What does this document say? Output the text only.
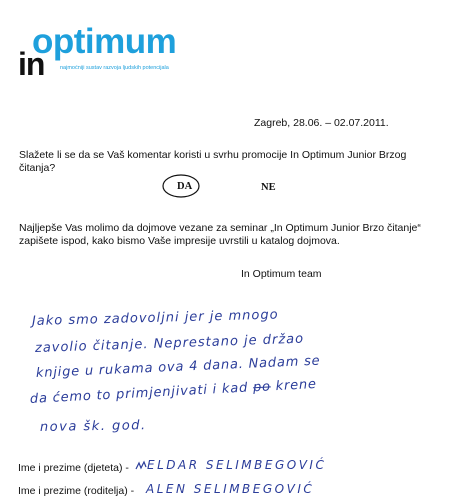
optimum
in	najmoćniji sustav razvoja ljudskih potencijala
Zagreb, 28.06. – 02.07.2011.
Slažete li se da se Vaš komentar koristi u svrhu promocije In Optimum Junior Brzog čitanja?
DA	NE
Najljepše Vas molimo da dojmove vezane za seminar „In Optimum Junior Brzo čitanje“ zapišete ispod, kako bismo Vaše impresije uvrstili u katalog dojmova.
In Optimum team
Jako smo zadovoljni jer je mnogo
zavolio čitanje. Neprestano je držao
knjige u rukama ova 4 dana. Nadam se
da ćemo to primjenjivati i kad po krene
nova šk. god.
Ime i prezime (djeteta) - ELDAR SELIMBEGOVIĆ
Ime i prezime (roditelja) - ALEN SELIMBEGOVIĆ
